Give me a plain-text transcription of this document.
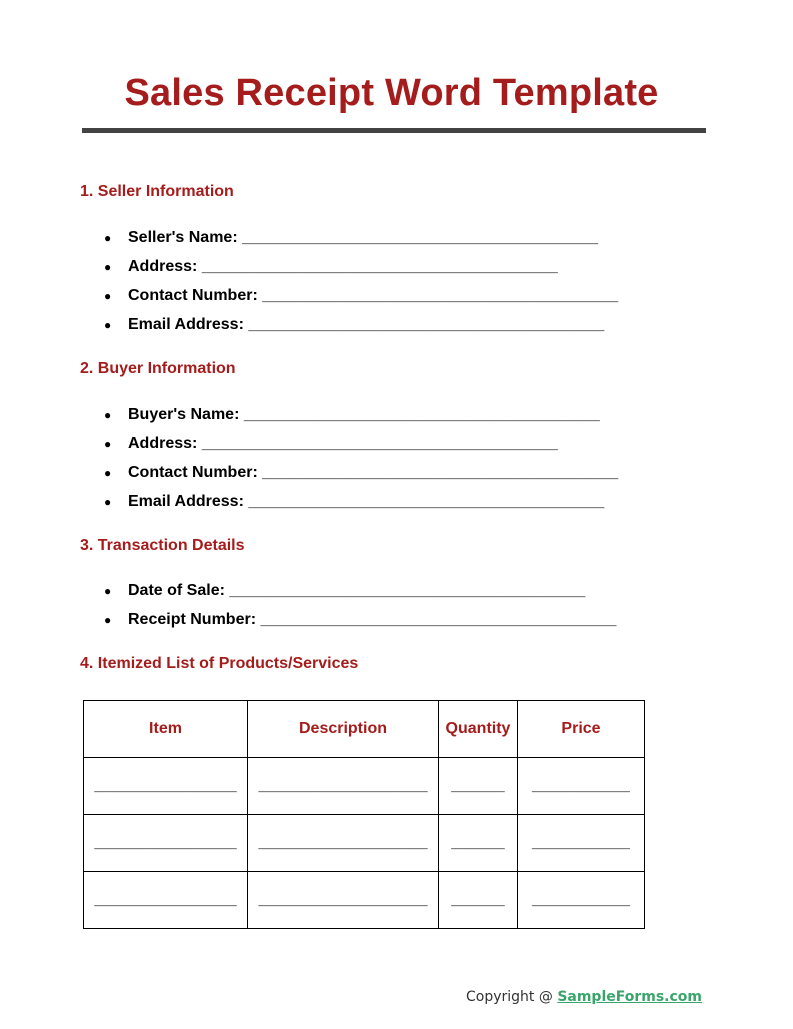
Sales Receipt Word Template
1. Seller Information
●	Seller's Name:
________________________________________
●	Address:
________________________________________
●	Contact Number:
________________________________________
●	Email Address:
________________________________________
2. Buyer Information
●	Buyer's Name:
________________________________________
●	Address:
________________________________________
●	Contact Number:
________________________________________
●	Email Address:
________________________________________
3. Transaction Details
●	Date of Sale:
________________________________________
●	Receipt Number:
________________________________________
4. Itemized List of Products/Services
Item	Description	Quantity	Price
________________	___________________	______	___________
________________	___________________	______	___________
________________	___________________	______	___________
Copyright @ SampleForms.com
